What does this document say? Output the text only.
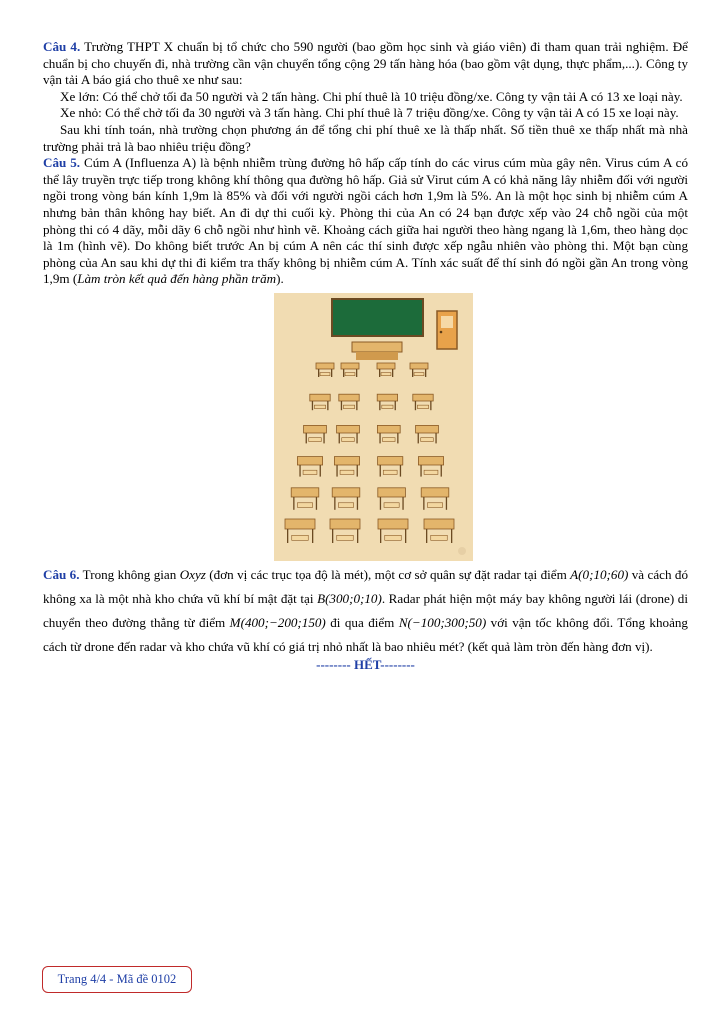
Câu 4. Trường THPT X chuẩn bị tổ chức cho 590 người (bao gồm học sinh và giáo viên) đi tham quan trải nghiệm. Để chuẩn bị cho chuyến đi, nhà trường cần vận chuyển tổng cộng 29 tấn hàng hóa (bao gồm vật dụng, thực phẩm,...). Công ty vận tải A báo giá cho thuê xe như sau:

Xe lớn: Có thể chở tối đa 50 người và 2 tấn hàng. Chi phí thuê là 10 triệu đồng/xe. Công ty vận tải A có 13 xe loại này.

Xe nhỏ: Có thể chở tối đa 30 người và 3 tấn hàng. Chi phí thuê là 7 triệu đồng/xe. Công ty vận tải A có 15 xe loại này.

Sau khi tính toán, nhà trường chọn phương án để tổng chi phí thuê xe là thấp nhất. Số tiền thuê xe thấp nhất mà nhà trường phải trả là bao nhiêu triệu đồng?

Câu 5. Cúm A (Influenza A) là bệnh nhiễm trùng đường hô hấp cấp tính do các virus cúm mùa gây nên. Virus cúm A có thể lây truyền trực tiếp trong không khí thông qua đường hô hấp. Giả sử Virut cúm A có khả năng lây nhiễm đối với người ngồi trong vòng bán kính 1,9m là 85% và đối với người ngồi cách hơn 1,9m là 5%. An là một học sinh bị nhiễm cúm A nhưng bản thân không hay biết. An đi dự thi cuối kỳ. Phòng thi của An có 24 bạn được xếp vào 24 chỗ ngồi của một phòng thi có 4 dãy, mỗi dãy 6 chỗ ngồi như hình vẽ. Khoảng cách giữa hai người theo hàng ngang là 1,6m, theo hàng dọc là 1m (hình vẽ). Do không biết trước An bị cúm A nên các thí sinh được xếp ngẫu nhiên vào phòng thi. Một bạn cùng phòng của An sau khi dự thi đi kiểm tra thấy không bị nhiễm cúm A. Tính xác suất để thí sinh đó ngồi gần An trong vòng 1,9m (Làm tròn kết quả đến hàng phần trăm).

Câu 6. Trong không gian Oxyz (đơn vị các trục tọa độ là mét), một cơ sở quân sự đặt radar tại điểm A(0;10;60) và cách đó không xa là một nhà kho chứa vũ khí bí mật đặt tại B(300;0;10). Radar phát hiện một máy bay không người lái (drone) di chuyển theo đường thẳng từ điểm M(400;−200;150) đi qua điểm N(−100;300;50) với vận tốc không đổi. Tổng khoảng cách từ drone đến radar và kho chứa vũ khí có giá trị nhỏ nhất là bao nhiêu mét? (kết quả làm tròn đến hàng đơn vị).

-------- HẾT--------
Trang 4/4 - Mã đề 0102
